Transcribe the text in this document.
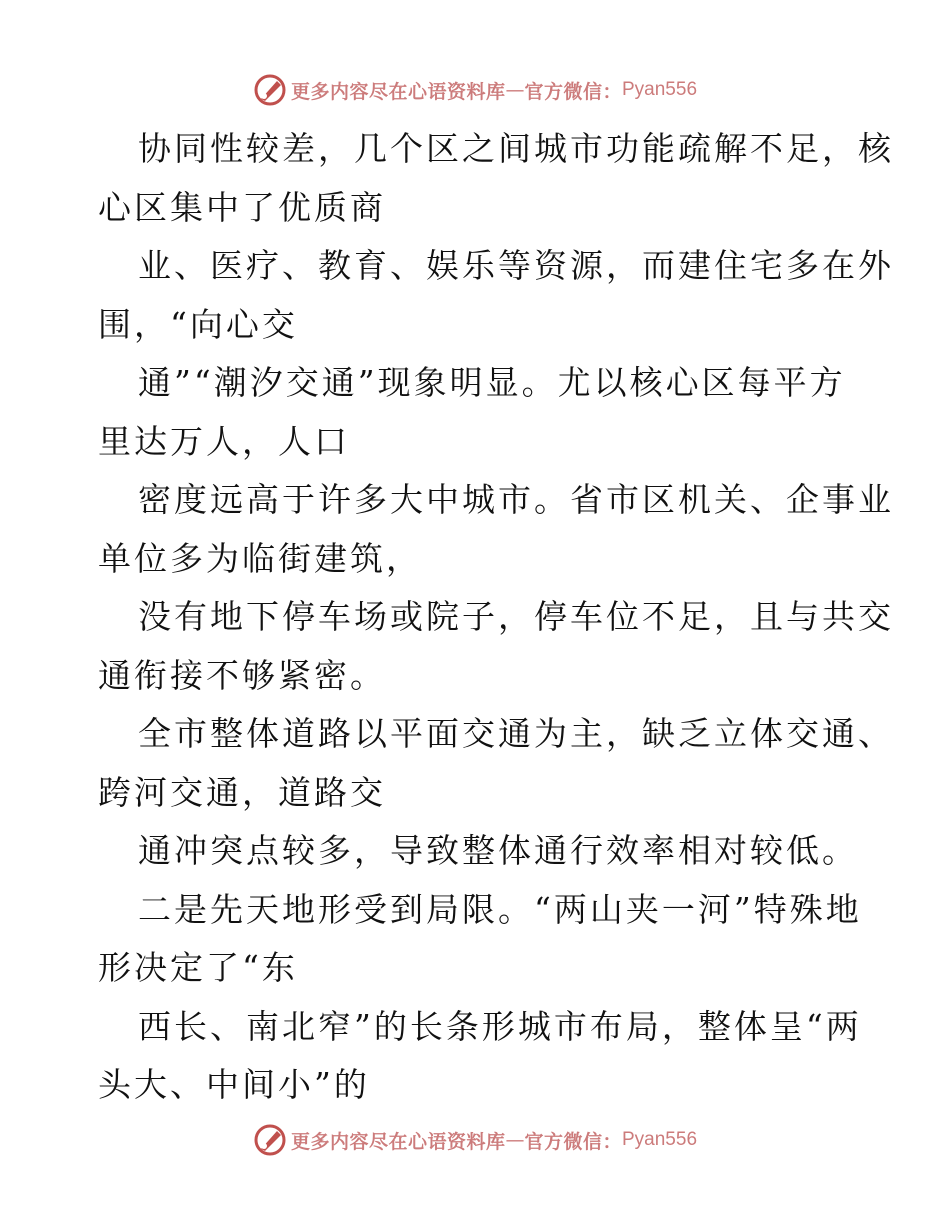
更多内容尽在心语资料库 — 官方微信： Pyan556

协同性较差，几个区之间城市功能疏解不足，核
心区集中了优质商

业、医疗、教育、娱乐等资源，而建住宅多在外
围，“向心交

通”“潮汐交通”现象明显。尤以核心区每平方
里达万人，人口

密度远高于许多大中城市。省市区机关、企事业
单位多为临街建筑，

没有地下停车场或院子，停车位不足，且与共交
通衔接不够紧密。

全市整体道路以平面交通为主，缺乏立体交通、
跨河交通，道路交

通冲突点较多，导致整体通行效率相对较低。

二是先天地形受到局限。“两山夹一河”特殊地
形决定了“东

西长、南北窄”的长条形城市布局，整体呈“两
头大、中间小”的

更多内容尽在心语资料库 — 官方微信： Pyan556
